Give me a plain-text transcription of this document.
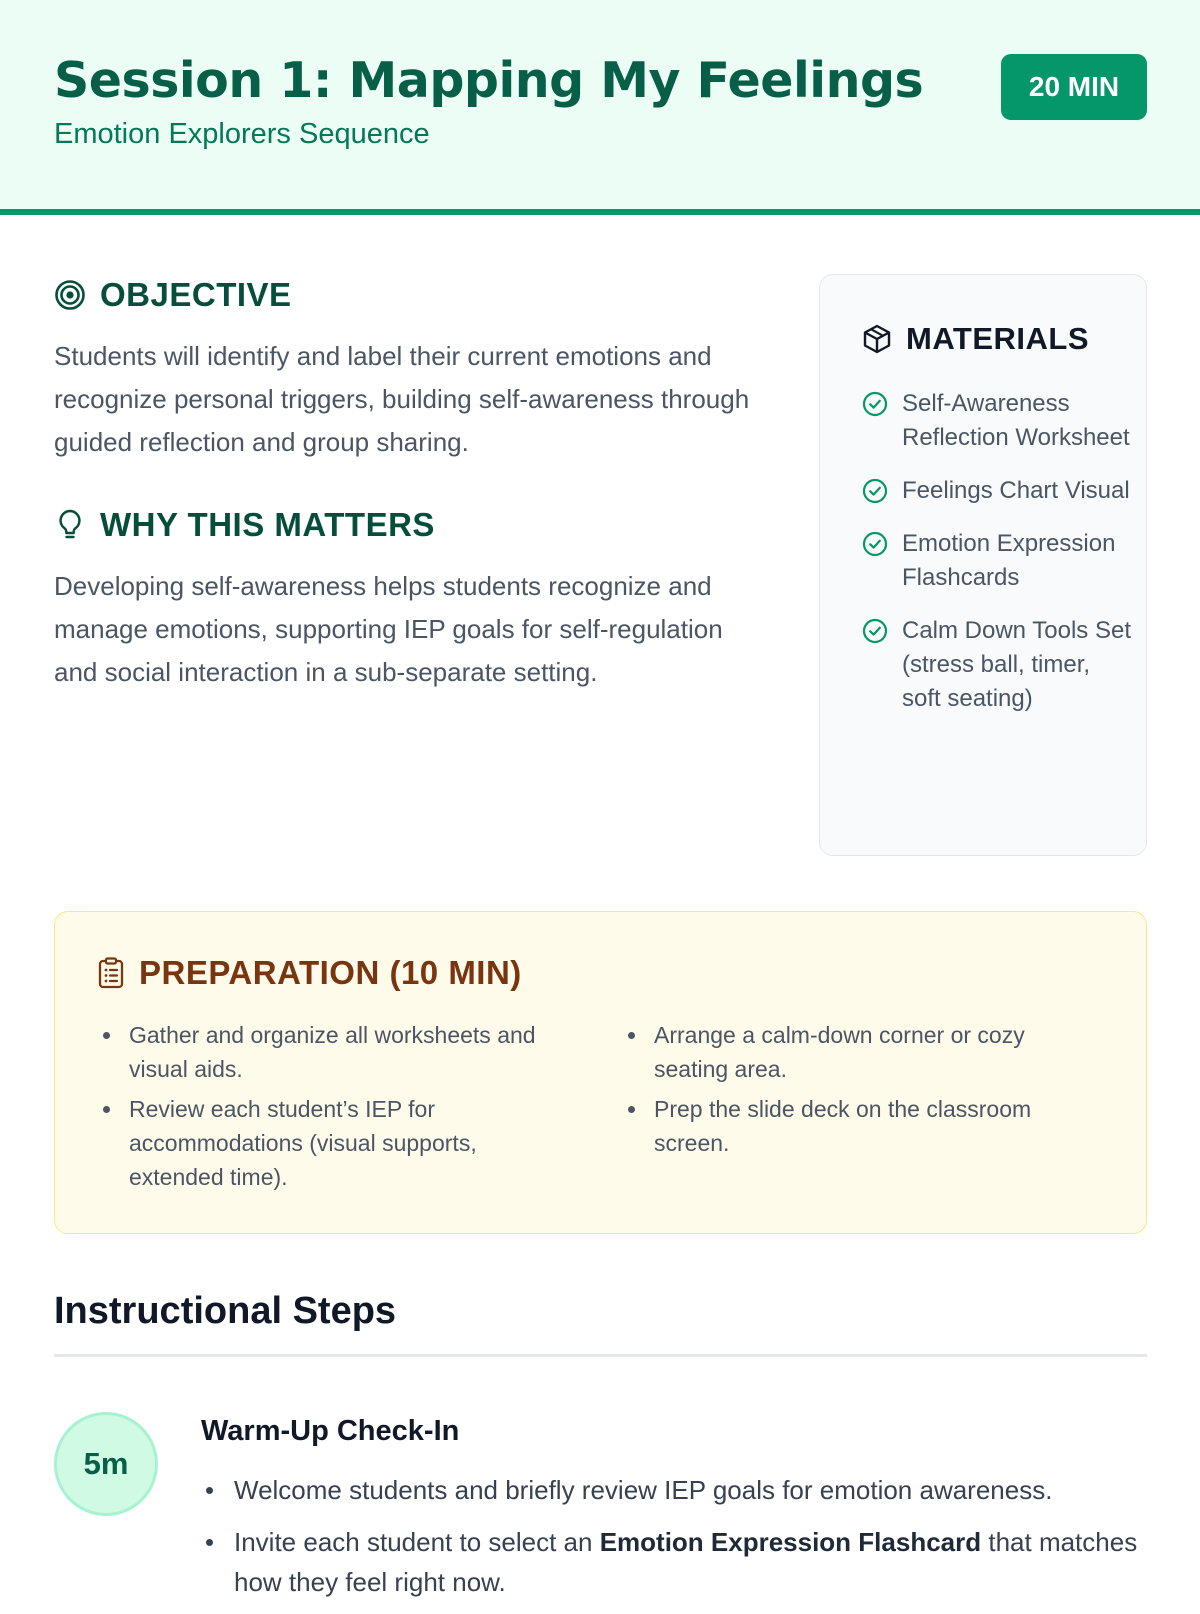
Session 1: Mapping My Feelings

Emotion Explorers Sequence

20 MIN
OBJECTIVE

Students will identify and label their current emotions and recognize personal triggers, building self-awareness through guided reflection and group sharing.

WHY THIS MATTERS

Developing self-awareness helps students recognize and manage emotions, supporting IEP goals for self-regulation and social interaction in a sub-separate setting.

MATERIALS
Self-Awareness Reflection Worksheet
Feelings Chart Visual
Emotion Expression Flashcards
Calm Down Tools Set (stress ball, timer, soft seating)
PREPARATION (10 MIN)
Gather and organize all worksheets and visual aids.
Review each student’s IEP for accommodations (visual supports, extended time).
Arrange a calm-down corner or cozy seating area.
Prep the slide deck on the classroom screen.
Instructional Steps
5m
Warm-Up Check-In
Welcome students and briefly review IEP goals for emotion awareness.
Invite each student to select an Emotion Expression Flashcard that matches how they feel right now.
